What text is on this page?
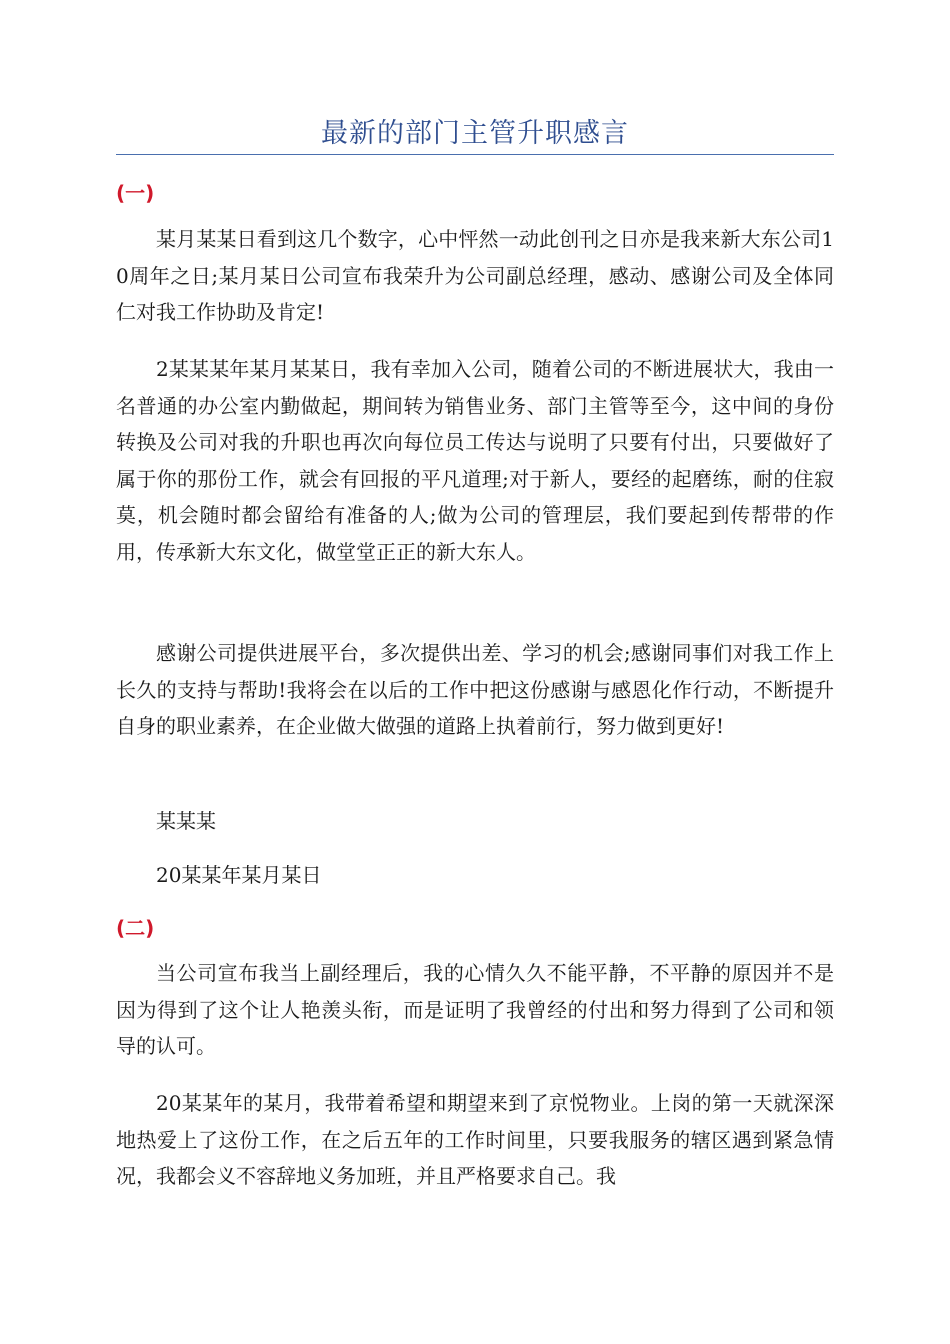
最新的部门主管升职感言
(一)

某月某某日看到这几个数字，心中怦然一动此创刊之日亦是我来新大东公司10周年之日;某月某日公司宣布我荣升为公司副总经理，感动、感谢公司及全体同仁对我工作协助及肯定!

2某某某年某月某某日，我有幸加入公司，随着公司的不断进展状大，我由一名普通的办公室内勤做起，期间转为销售业务、部门主管等至今，这中间的身份转换及公司对我的升职也再次向每位员工传达与说明了只要有付出，只要做好了属于你的那份工作，就会有回报的平凡道理;对于新人，要经的起磨练，耐的住寂莫，机会随时都会留给有准备的人;做为公司的管理层，我们要起到传帮带的作用，传承新大东文化，做堂堂正正的新大东人。

感谢公司提供进展平台，多次提供出差、学习的机会;感谢同事们对我工作上长久的支持与帮助!我将会在以后的工作中把这份感谢与感恩化作行动，不断提升自身的职业素养，在企业做大做强的道路上执着前行，努力做到更好!

某某某

20某某年某月某日

(二)

当公司宣布我当上副经理后，我的心情久久不能平静，不平静的原因并不是因为得到了这个让人艳羡头衔，而是证明了我曾经的付出和努力得到了公司和领导的认可。

20某某年的某月，我带着希望和期望来到了京悦物业。上岗的第一天就深深地热爱上了这份工作，在之后五年的工作时间里，只要我服务的辖区遇到紧急情况，我都会义不容辞地义务加班，并且严格要求自己。我
